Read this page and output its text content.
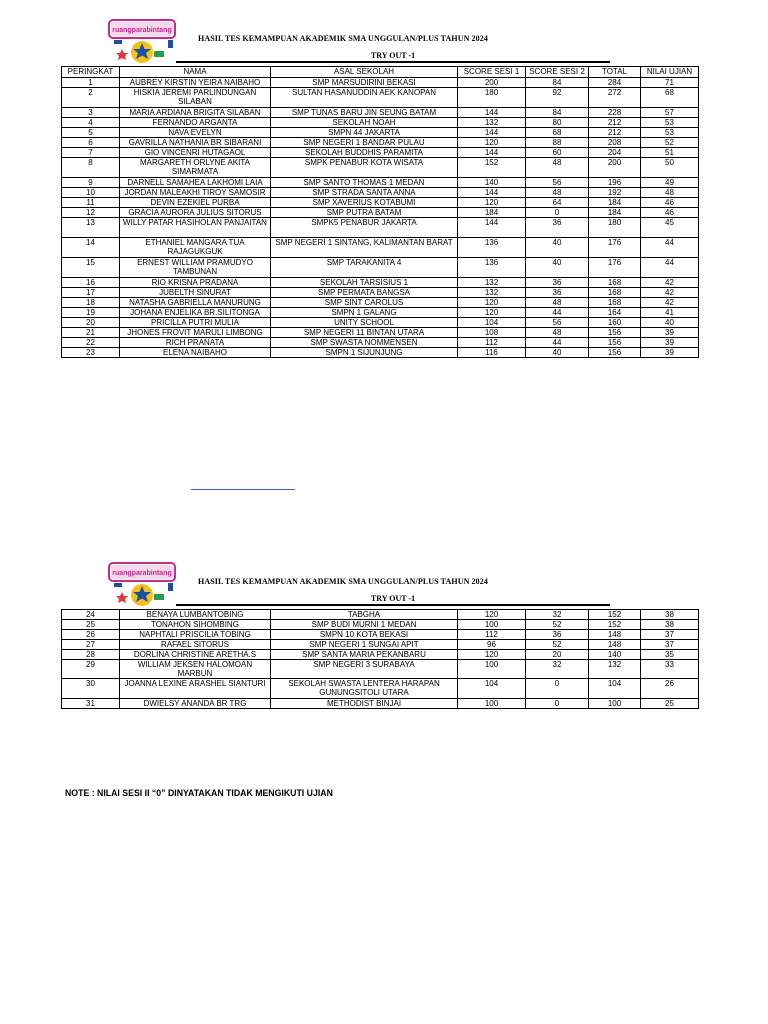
ruangparabintang
HASIL TES KEMAMPUAN AKADEMIK SMA UNGGULAN/PLUS TAHUN 2024
TRY OUT -1
PERINGKAT	NAMA	ASAL SEKOLAH	SCORE SESI 1	SCORE SESI 2	TOTAL	NILAI UJIAN
1	AUBREY KIRSTIN YEIRA NAIBAHO	SMP MARSUDIRINI BEKASI	200	84	284	71
2	HISKIA JEREMI PARLINDUNGAN SILABAN	SULTAN HASANUDDIN AEK KANOPAN	180	92	272	68
3	MARIA ARDIANA BRIGITA SILABAN	SMP TUNAS BARU JIN SEUNG BATAM	144	84	228	57
4	FERNANDO ARGANTA	SEKOLAH NOAH	132	80	212	53
5	NAVA EVELYN	SMPN 44 JAKARTA	144	68	212	53
6	GAVRILLA NATHANIA BR SIBARANI	SMP NEGERI 1 BANDAR PULAU	120	88	208	52
7	GIO VINCENRI HUTAGAOL	SEKOLAH BUDDHIS PARAMITA	144	60	204	51
8	MARGARETH ORLYNE AKITA SIMARMATA	SMPK PENABUR KOTA WISATA	152	48	200	50
9	DARNELL SAMAHEA LAKHOMI LAIA	SMP SANTO THOMAS 1 MEDAN	140	56	196	49
10	JORDAN MALEAKHI TIROY SAMOSIR	SMP STRADA SANTA ANNA	144	48	192	48
11	DEVIN EZEKIEL PURBA	SMP XAVERIUS KOTABUMI	120	64	184	46
12	GRACIA AURORA JULIUS SITORUS	SMP PUTRA BATAM	184	0	184	46
13	WILLY PATAR HASIHOLAN PANJAITAN	SMPK5 PENABUR JAKARTA	144	36	180	45
14	ETHANIEL MANGARA TUA RAJAGUKGUK	SMP NEGERI 1 SINTANG, KALIMANTAN BARAT	136	40	176	44
15	ERNEST WILLIAM PRAMUDYO TAMBUNAN	SMP TARAKANITA 4	136	40	176	44
16	RIO KRISNA PRADANA	SEKOLAH TARSISIUS 1	132	36	168	42
17	JUBELTH SINURAT	SMP PERMATA BANGSA	132	36	168	42
18	NATASHA GABRIELLA MANURUNG	SMP SINT CAROLUS	120	48	168	42
19	JOHANA ENJELIKA BR.SILITONGA	SMPN 1 GALANG	120	44	164	41
20	PRICILLA PUTRI MULIA	UNITY SCHOOL	104	56	160	40
21	JHONES FROVIT MARULI LIMBONG	SMP NEGERI 11 BINTAN UTARA	108	48	156	39
22	RICH PRANATA	SMP SWASTA NOMMENSEN	112	44	156	39
23	ELENA NAIBAHO	SMPN 1 SIJUNJUNG	116	40	156	39
ruangparabintang
HASIL TES KEMAMPUAN AKADEMIK SMA UNGGULAN/PLUS TAHUN 2024
TRY OUT -1
24	BENAYA LUMBANTOBING	TABGHA	120	32	152	38
25	TONAHON SIHOMBING	SMP BUDI MURNI 1 MEDAN	100	52	152	38
26	NAPHTALI PRISCILIA TOBING	SMPN 10 KOTA BEKASI	112	36	148	37
27	RAFAEL SITORUS	SMP NEGERI 1 SUNGAI APIT	96	52	148	37
28	DORLINA CHRISTINE ARETHA.S	SMP SANTA MARIA PEKANBARU	120	20	140	35
29	WILLIAM JEKSEN HALOMOAN MARBUN	SMP NEGERI 3 SURABAYA	100	32	132	33
30	JOANNA LEXINE ARASHEL SIANTURI	SEKOLAH SWASTA LENTERA HARAPAN GUNUNGSITOLI UTARA	104	0	104	26
31	DWIELSY ANANDA BR TRG	METHODIST BINJAI	100	0	100	25
NOTE : NILAI SESI II “0” DINYATAKAN TIDAK MENGIKUTI UJIAN
